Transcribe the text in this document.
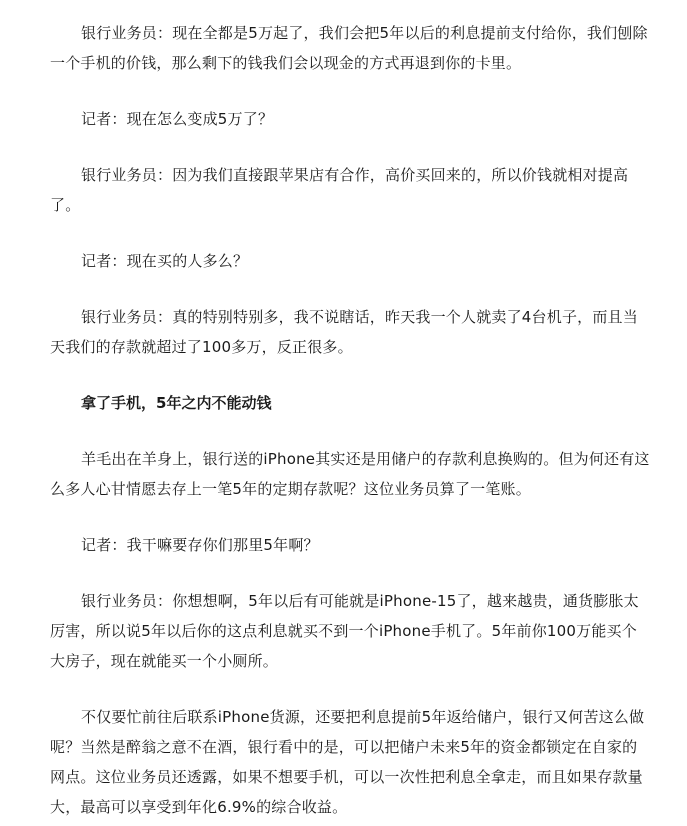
银行业务员：现在全都是5万起了，我们会把5年以后的利息提前支付给你，我们刨除一个手机的价钱，那么剩下的钱我们会以现金的方式再退到你的卡里。

记者：现在怎么变成5万了？

银行业务员：因为我们直接跟苹果店有合作，高价买回来的，所以价钱就相对提高了。

记者：现在买的人多么？

银行业务员：真的特别特别多，我不说瞎话，昨天我一个人就卖了4台机子，而且当天我们的存款就超过了100多万，反正很多。

拿了手机，5年之内不能动钱

羊毛出在羊身上，银行送的iPhone其实还是用储户的存款利息换购的。但为何还有这么多人心甘情愿去存上一笔5年的定期存款呢？这位业务员算了一笔账。

记者：我干嘛要存你们那里5年啊？

银行业务员：你想想啊，5年以后有可能就是iPhone-15了，越来越贵，通货膨胀太厉害，所以说5年以后你的这点利息就买不到一个iPhone手机了。5年前你100万能买个大房子，现在就能买一个小厕所。

不仅要忙前往后联系iPhone货源，还要把利息提前5年返给储户，银行又何苦这么做呢？当然是醉翁之意不在酒，银行看中的是，可以把储户未来5年的资金都锁定在自家的网点。这位业务员还透露，如果不想要手机，可以一次性把利息全拿走，而且如果存款量大，最高可以享受到年化6.9%的综合收益。
